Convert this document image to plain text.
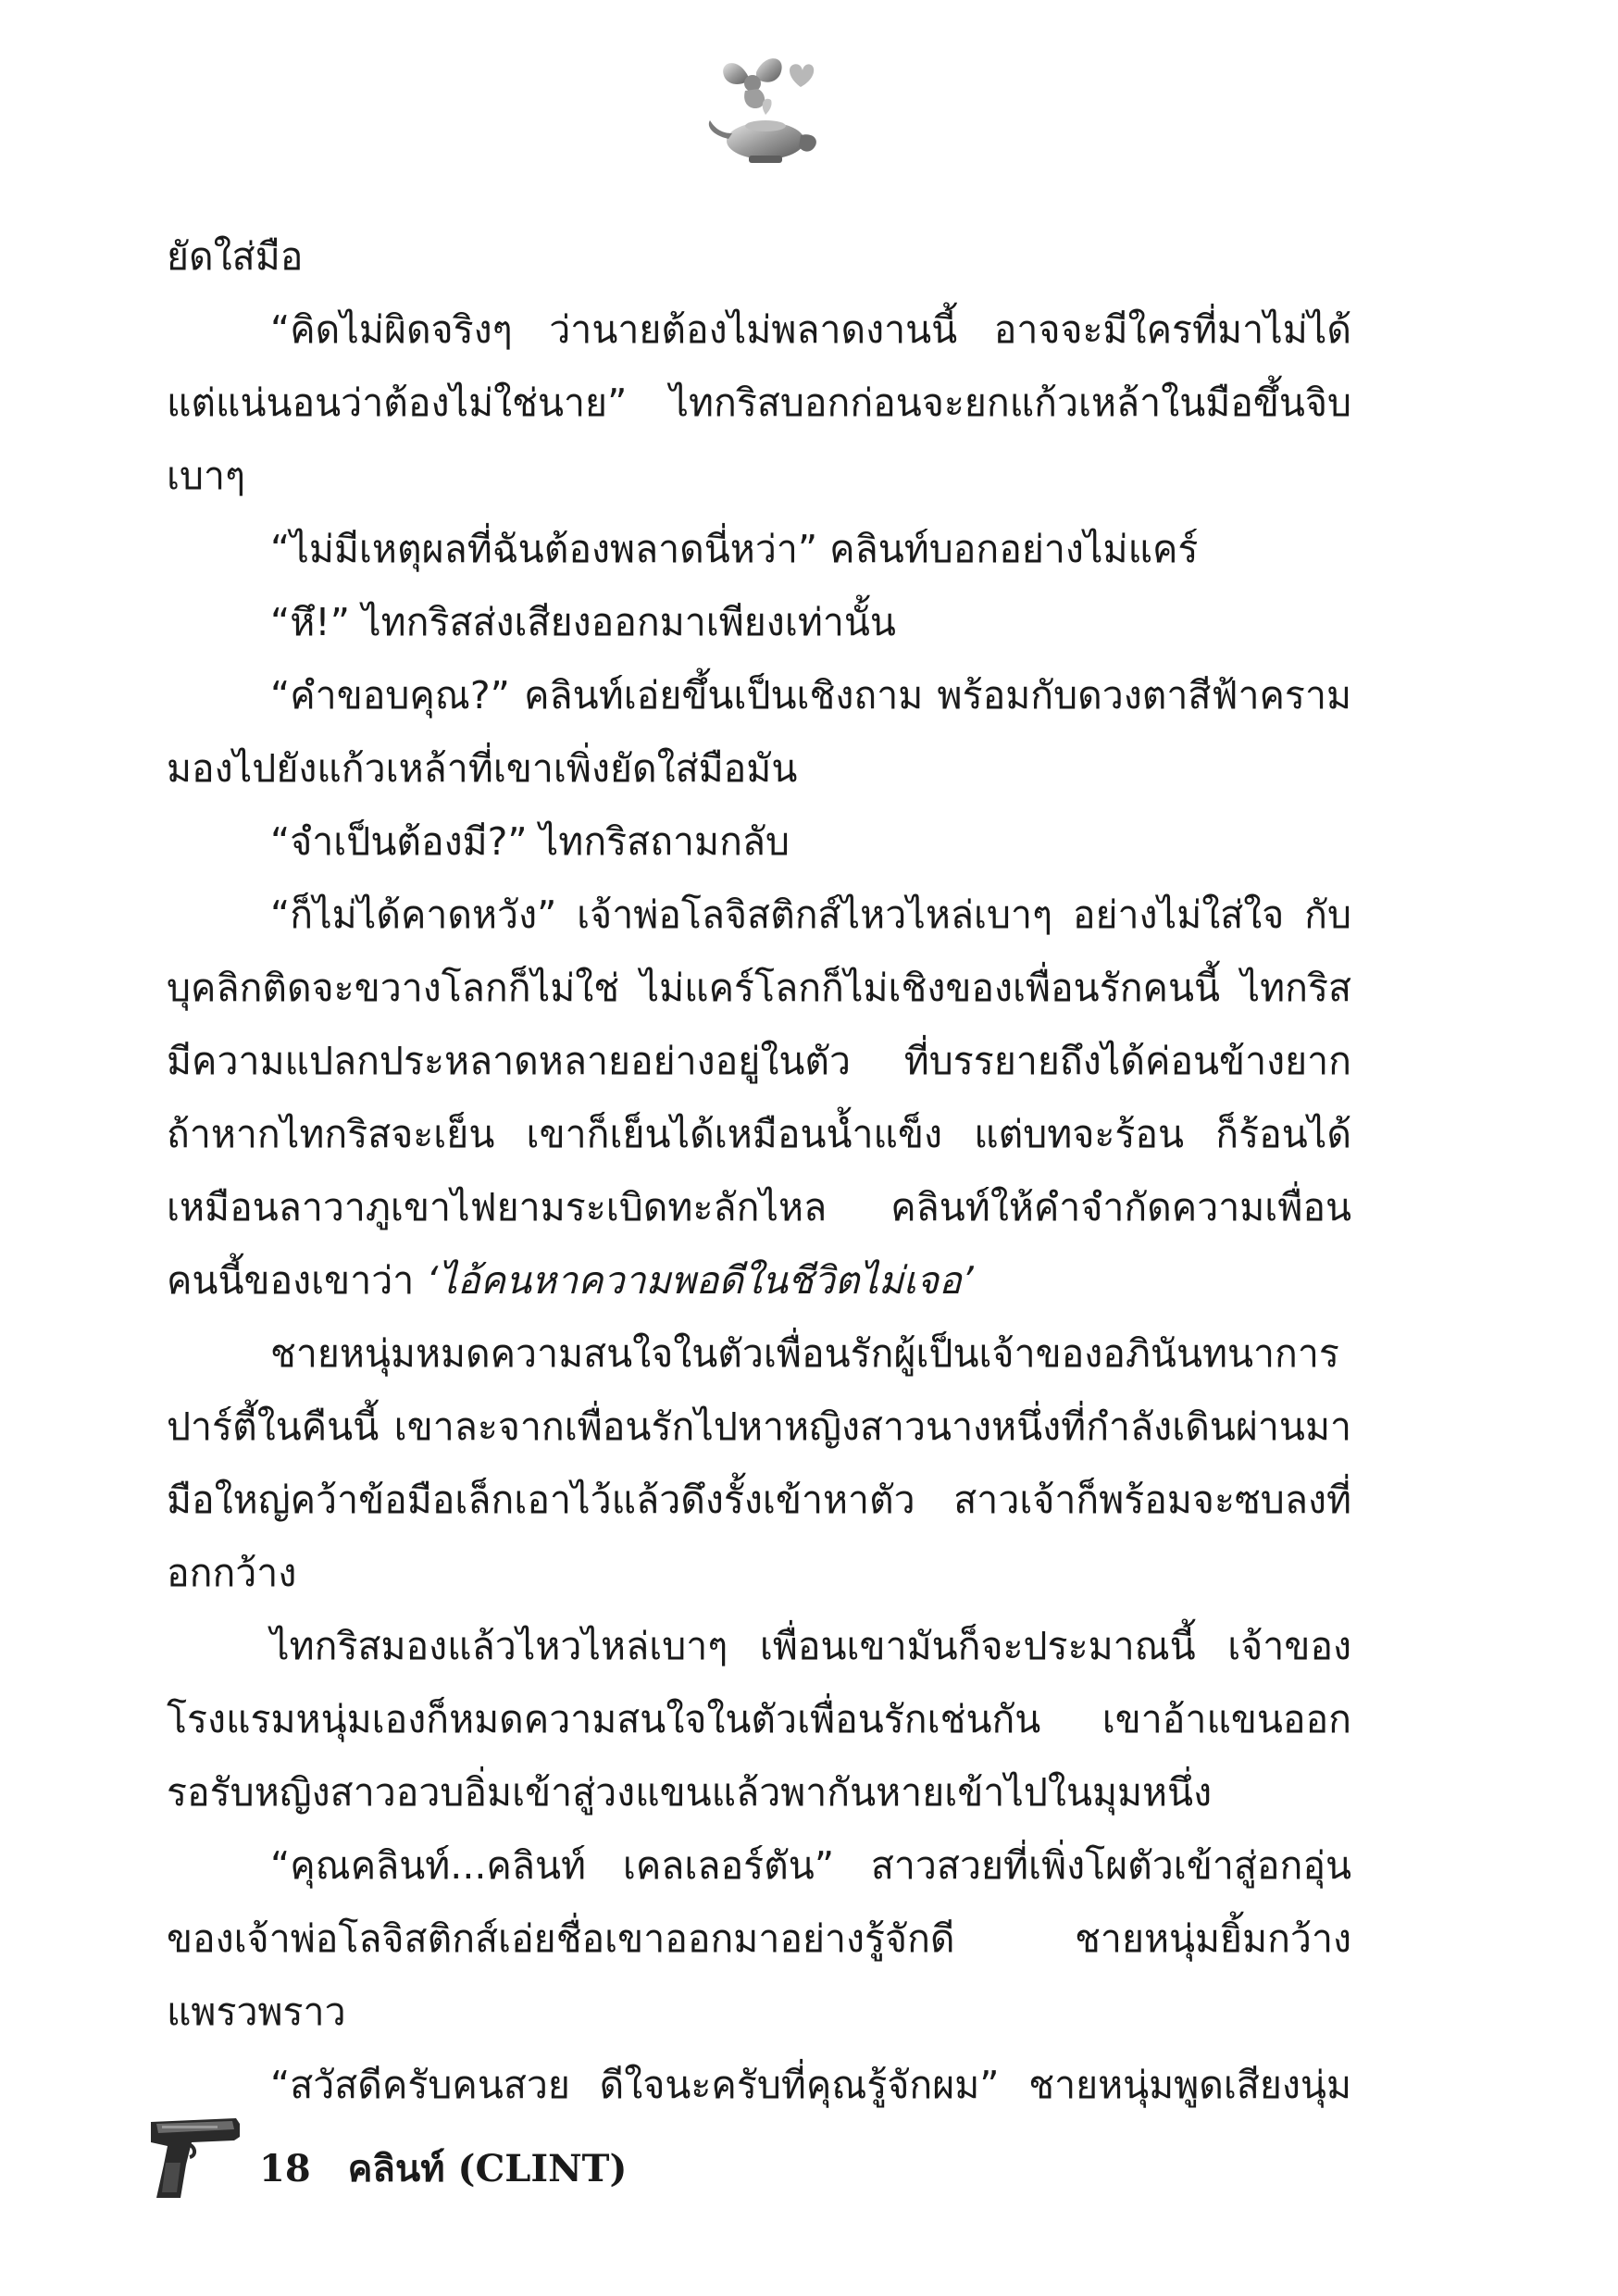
ยัดใส่มือ
“คิดไม่ผิดจริงๆ ว่านายต้องไม่พลาดงานนี้ อาจจะมีใครที่มาไม่ได้
แต่แน่นอนว่าต้องไม่ใช่นาย” ไทกริสบอกก่อนจะยกแก้วเหล้าในมือขึ้นจิบ
เบาๆ
“ไม่มีเหตุผลที่ฉันต้องพลาดนี่หว่า” คลินท์บอกอย่างไม่แคร์
“หึ!” ไทกริสส่งเสียงออกมาเพียงเท่านั้น
“คำขอบคุณ?” คลินท์เอ่ยขึ้นเป็นเชิงถาม พร้อมกับดวงตาสีฟ้าคราม
มองไปยังแก้วเหล้าที่เขาเพิ่งยัดใส่มือมัน
“จำเป็นต้องมี?” ไทกริสถามกลับ
“ก็ไม่ได้คาดหวัง” เจ้าพ่อโลจิสติกส์ไหวไหล่เบาๆ อย่างไม่ใส่ใจ กับ
บุคลิกติดจะขวางโลกก็ไม่ใช่ ไม่แคร์โลกก็ไม่เชิงของเพื่อนรักคนนี้ ไทกริส
มีความแปลกประหลาดหลายอย่างอยู่ในตัว ที่บรรยายถึงได้ค่อนข้างยาก
ถ้าหากไทกริสจะเย็น เขาก็เย็นได้เหมือนน้ำแข็ง แต่บทจะร้อน ก็ร้อนได้
เหมือนลาวาภูเขาไฟยามระเบิดทะลักไหล คลินท์ให้คำจำกัดความเพื่อน
คนนี้ของเขาว่า ‘ไอ้คนหาความพอดีในชีวิตไม่เจอ’
ชายหนุ่มหมดความสนใจในตัวเพื่อนรักผู้เป็นเจ้าของอภินันทนาการ
ปาร์ตี้ในคืนนี้ เขาละจากเพื่อนรักไปหาหญิงสาวนางหนึ่งที่กำลังเดินผ่านมา
มือใหญ่คว้าข้อมือเล็กเอาไว้แล้วดึงรั้งเข้าหาตัว สาวเจ้าก็พร้อมจะซบลงที่
อกกว้าง
ไทกริสมองแล้วไหวไหล่เบาๆ เพื่อนเขามันก็จะประมาณนี้ เจ้าของ
โรงแรมหนุ่มเองก็หมดความสนใจในตัวเพื่อนรักเช่นกัน เขาอ้าแขนออก
รอรับหญิงสาวอวบอิ่มเข้าสู่วงแขนแล้วพากันหายเข้าไปในมุมหนึ่ง
“คุณคลินท์...คลินท์ เคลเลอร์ตัน” สาวสวยที่เพิ่งโผตัวเข้าสู่อกอุ่น
ของเจ้าพ่อโลจิสติกส์เอ่ยชื่อเขาออกมาอย่างรู้จักดี ชายหนุ่มยิ้มกว้าง
แพรวพราว
“สวัสดีครับคนสวย ดีใจนะครับที่คุณรู้จักผม” ชายหนุ่มพูดเสียงนุ่ม
18 คลินท์ (CLINT)
